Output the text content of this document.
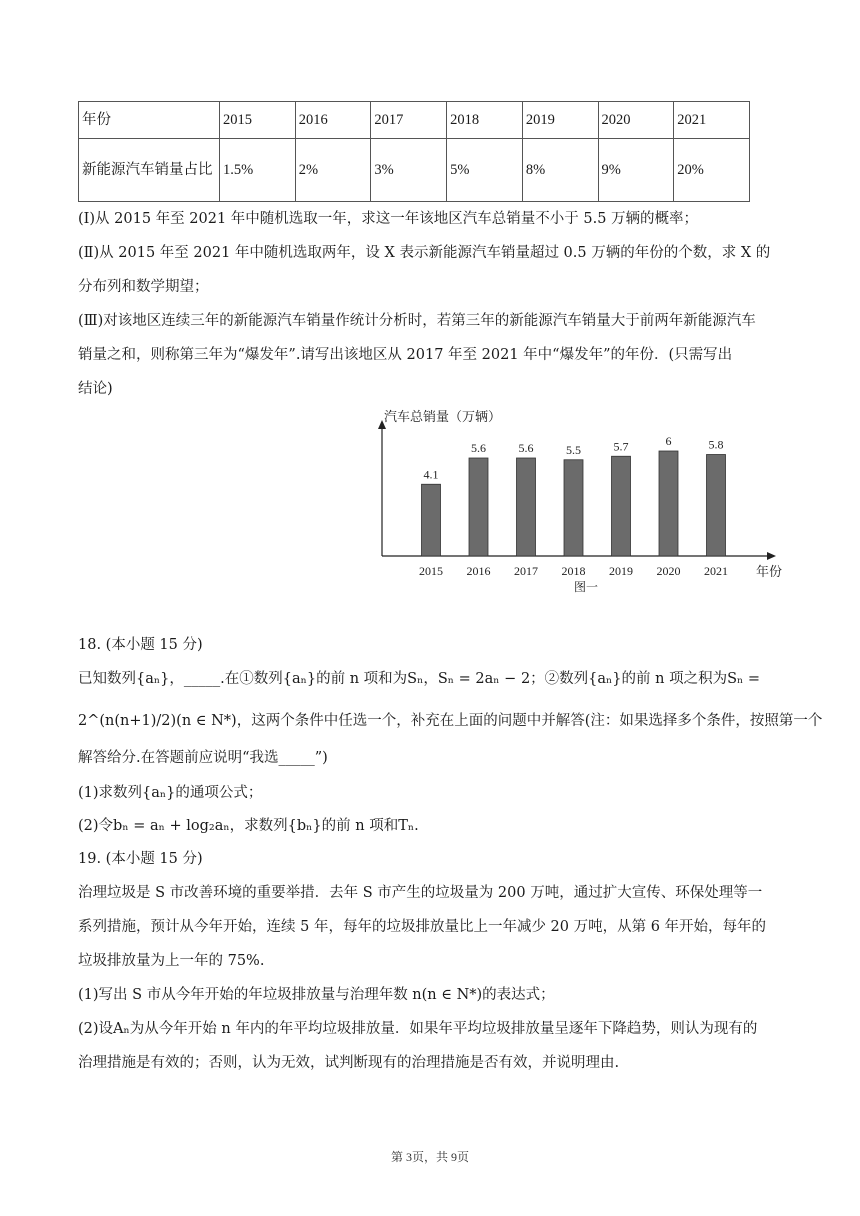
年份	2015	2016	2017	2018	2019	2020	2021
新能源汽车销量占比	1.5%	2%	3%	5%	8%	9%	20%
(Ⅰ)从 2015 年至 2021 年中随机选取一年，求这一年该地区汽车总销量不小于 5.5 万辆的概率；
(Ⅱ)从 2015 年至 2021 年中随机选取两年，设 X 表示新能源汽车销量超过 0.5 万辆的年份的个数，求 X 的
分布列和数学期望；
(Ⅲ)对该地区连续三年的新能源汽车销量作统计分析时，若第三年的新能源汽车销量大于前两年新能源汽车
销量之和，则称第三年为“爆发年”.请写出该地区从 2017 年至 2021 年中“爆发年”的年份．(只需写出
结论)
汽车总销量（万辆）
4.1
2015
5.6
2016
5.6
2017
5.5
2018
5.7
2019
6
2020
5.8
2021 年份
图一
18. (本小题 15 分)
已知数列{aₙ}，_____.在①数列{aₙ}的前 n 项和为Sₙ，Sₙ = 2aₙ − 2；②数列{aₙ}的前 n 项之积为Sₙ =
2^(n(n+1)/2)(n ∈ N*)，这两个条件中任选一个，补充在上面的问题中并解答(注：如果选择多个条件，按照第一个
解答给分.在答题前应说明“我选_____”)
(1)求数列{aₙ}的通项公式；
(2)令bₙ = aₙ + log₂aₙ，求数列{bₙ}的前 n 项和Tₙ.
19. (本小题 15 分)
治理垃圾是 S 市改善环境的重要举措．去年 S 市产生的垃圾量为 200 万吨，通过扩大宣传、环保处理等一
系列措施，预计从今年开始，连续 5 年，每年的垃圾排放量比上一年减少 20 万吨，从第 6 年开始，每年的
垃圾排放量为上一年的 75%.
(1)写出 S 市从今年开始的年垃圾排放量与治理年数 n(n ∈ N*)的表达式；
(2)设Aₙ为从今年开始 n 年内的年平均垃圾排放量．如果年平均垃圾排放量呈逐年下降趋势，则认为现有的
治理措施是有效的；否则，认为无效，试判断现有的治理措施是否有效，并说明理由.
第 3页，共 9页
